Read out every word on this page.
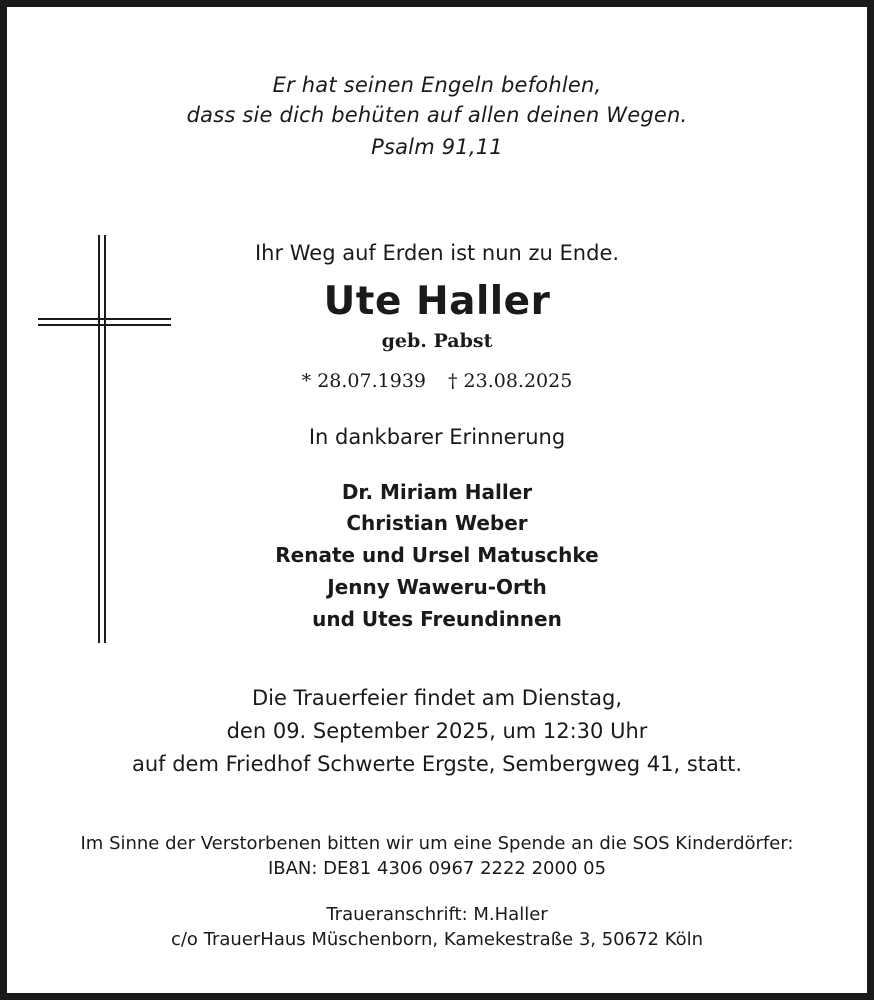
Er hat seinen Engeln befohlen,

dass sie dich behüten auf allen deinen Wegen.

Psalm 91,11

Ihr Weg auf Erden ist nun zu Ende.

Ute Haller

geb. Pabst

* 28.07.1939 † 23.08.2025

In dankbarer Erinnerung

Dr. Miriam Haller

Christian Weber

Renate und Ursel Matuschke

Jenny Waweru-Orth

und Utes Freundinnen

Die Trauerfeier findet am Dienstag,

den 09. September 2025, um 12:30 Uhr

auf dem Friedhof Schwerte Ergste, Sembergweg 41, statt.

Im Sinne der Verstorbenen bitten wir um eine Spende an die SOS Kinderdörfer:

IBAN: DE81 4306 0967 2222 2000 05

Traueranschrift: M.Haller

c/o TrauerHaus Müschenborn, Kamekestraße 3, 50672 Köln
